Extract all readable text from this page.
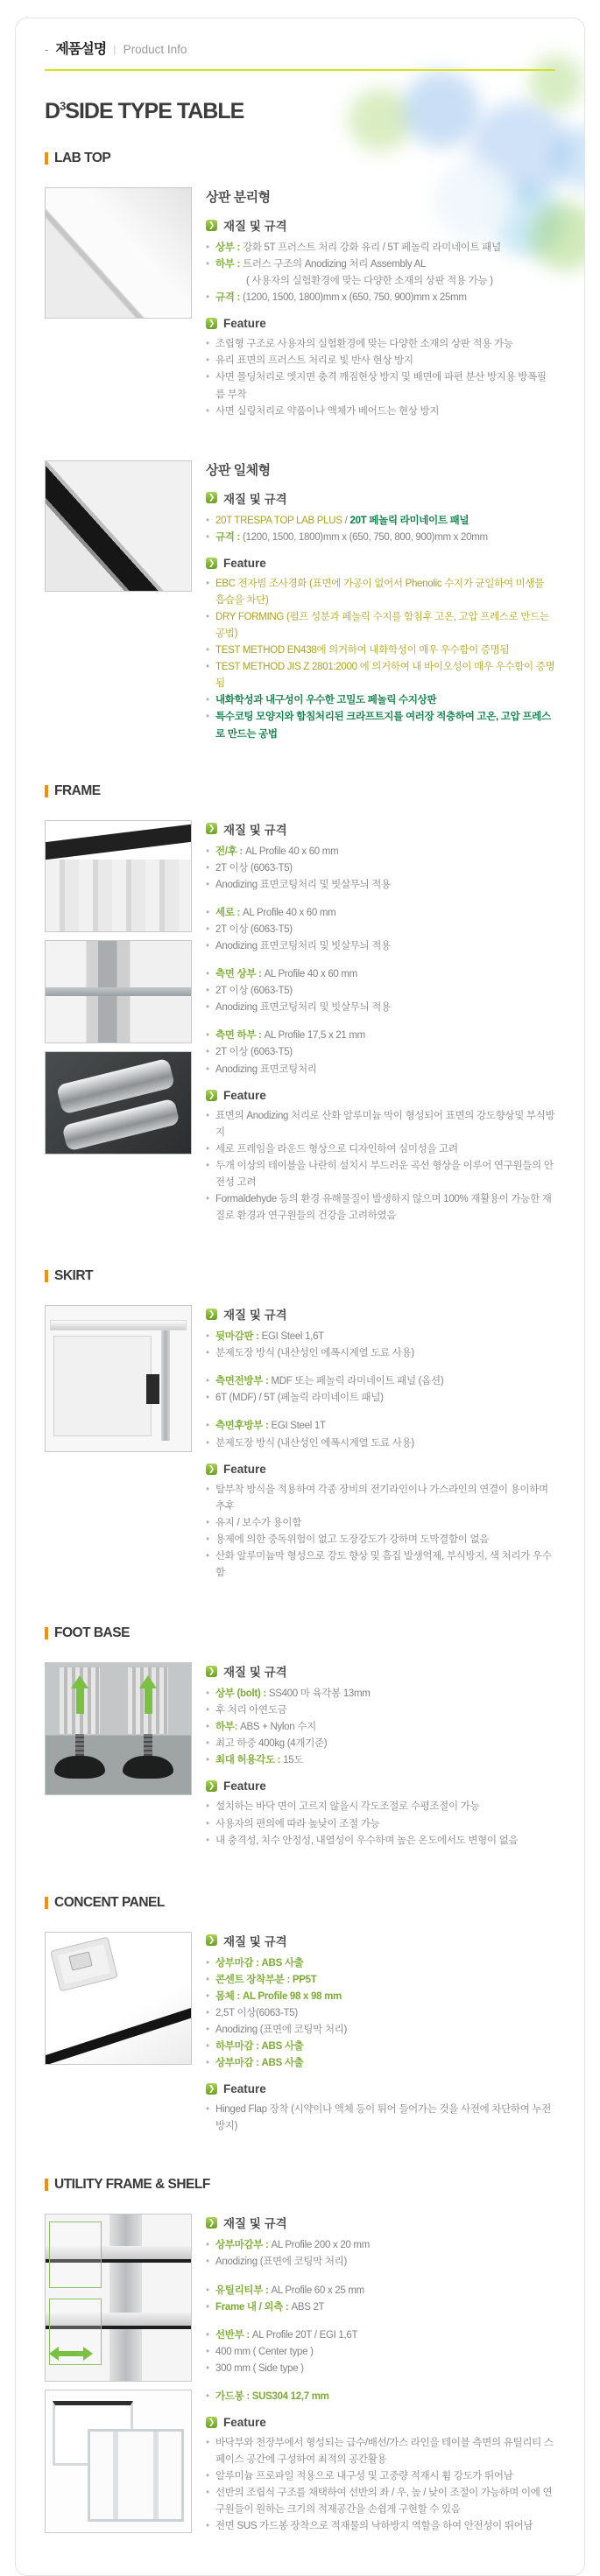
- 제품설명 | Product Info
$D^3SIDE$ TYPE TABLE
LAB TOP
상판 분리형
❯ 재질 및 규격
• 상부 : 강화 5T 프러스트 처리 강화 유리 / 5T 페놀릭 라미네이트 패널
• 하부 : 트러스 구조의 Anodizing 처리 Assembly AL
( 사용자의 실험환경에 맞는 다양한 소재의 상판 적용 가능 )
• 규격 : (1200, 1500, 1800)mm x (650, 750, 900)mm x 25mm
❯ Feature
• 조립형 구조로 사용자의 실험환경에 맞는 다양한 소재의 상판 적용 가능
• 유리 표면의 프러스트 처리로 빛 반사 현상 방지
• 사면 몰딩처리로 엣지면 충격 깨짐현상 방지 및 배면에 파편 분산 방지용 방폭필름 부착
• 사면 실링처리로 약품이나 액체가 베어드는 현상 방지
상판 일체형
❯ 재질 및 규격
• 20T TRESPA TOP LAB PLUS / 20T 페놀릭 라미네이트 패널
• 규격 : (1200, 1500, 1800)mm x (650, 750, 800, 900)mm x 20mm
❯ Feature
• EBC 전자빔 조사경화 (표면에 가공이 없어서 Phenolic 수지가 균일하여 미생물 흡습을 차단)
• DRY FORMING (펄프 성분과 페놀릭 수지를 함침후 고온, 고압 프레스로 만드는 공법)
• TEST METHOD EN438에 의거하여 내화학성이 매우 우수함이 증명됨
• TEST METHOD JIS Z 2801:2000 에 의거하여 내 바이오성이 매우 우수함이 증명됨
• 내화학성과 내구성이 우수한 고밀도 페놀릭 수지상판
• 특수코팅 모양지와 함침처리된 크라프트지를 여러장 적층하여 고온, 고압 프레스로 만드는 공법
FRAME
❯ 재질 및 규격
• 전/후 : AL Profile 40 x 60 mm
• 2T 이상 (6063-T5)
• Anodizing 표면코팅처리 및 빗살무늬 적용
• 세로 : AL Profile 40 x 60 mm
• 2T 이상 (6063-T5)
• Anodizing 표면코팅처리 및 빗살무늬 적용
• 측면 상부 : AL Profile 40 x 60 mm
• 2T 이상 (6063-T5)
• Anodizing 표면코팅처리 및 빗살무늬 적용
• 측면 하부 : AL Profile 17,5 x 21 mm
• 2T 이상 (6063-T5)
• Anodizing 표면코팅처리
❯ Feature
• 표면의 Anodizing 처리로 산화 알루미늄 막이 형성되어 표면의 강도향상및 부식방지
• 세로 프레임을 라운드 형상으로 디자인하여 심미성을 고려
• 두개 이상의 테이블을 나란히 설치시 부드러운 곡선 형상을 이루어 연구원들의 안전성 고려
• Formaldehyde 등의 환경 유해물질이 발생하지 않으며 100% 재활용이 가능한 재질로 환경과 연구원들의 건강을 고려하였음
SKIRT
❯ 재질 및 규격
• 뒷마감판 : EGI Steel 1,6T
• 분제도장 방식 (내산성인 에폭시계열 도료 사용)
• 측면전방부 : MDF 또는 페놀릭 라미네이트 패널 (옵션)
• 6T (MDF) / 5T (페놀릭 라미네이트 패널)
• 측면후방부 : EGI Steel 1T
• 분제도장 방식 (내산성인 에폭시계열 도료 사용)
❯ Feature
• 탈부착 방식을 적용하여 각종 장비의 전기라인이나 가스라인의 연결이 용이하며 추후
• 유지 / 보수가 용이함
• 용제에 의한 중독위험이 없고 도장강도가 강하며 도막결함이 없음
• 산화 알루미늄막 형성으로 강도 향상 및 흠집 발생억제, 부식방지, 색 처리가 우수함
FOOT BASE
❯ 재질 및 규격
• 상부 (bolt) : SS400 마 육각봉 13mm
• 후 처리 아연도금
• 하부: ABS + Nylon 수지
• 최고 하중 400kg (4개기준)
• 최대 허용각도 : 15도
❯ Feature
• 설치하는 바닥 면이 고르지 않을시 각도조절로 수평조절이 가능
• 사용자의 편의에 따라 높낮이 조절 가능
• 내 충격성, 치수 안정성, 내열성이 우수하며 높은 온도에서도 변형이 없음
CONCENT PANEL
❯ 재질 및 규격
• 상부마감 : ABS 사출
• 콘센트 장착부분 : PP5T
• 몸체 : AL Profile 98 x 98 mm
• 2,5T 이상(6063-T5)
• Anodizing (표면에 코팅막 처리)
• 하부마감 : ABS 사출
• 상부마감 : ABS 사출
❯ Feature
• Hinged Flap 장착 (시약이나 액체 등이 튀어 들어가는 것을 사전에 차단하여 누전방지)
UTILITY FRAME & SHELF
❯ 재질 및 규격
• 상부마감부 : AL Profile 200 x 20 mm
• Anodizing (표면에 코팅막 처리)
• 유틸리티부 : AL Profile 60 x 25 mm
• Frame 내 / 외측 : ABS 2T
• 선반부 : AL Profile 20T / EGI 1,6T
• 400 mm ( Center type )
• 300 mm ( Side type )
• 가드봉 : SUS304 12,7 mm
❯ Feature
• 바닥부와 천장부에서 형성되는 급수/배선/가스 라인을 테이블 측면의 유틸리티 스페이스 공간에 구성하여 최적의 공간활용
• 알루미늄 프로파일 적용으로 내구성 및 고중량 적재시 휨 강도가 뛰어남
• 선반의 조립식 구조를 채택하여 선반의 좌 / 우, 높 / 낮이 조절이 가능하며 이에 연구원들이 원하는 크기의 적재공간을 손쉽게 구현할 수 있음
• 전면 SUS 가드봉 장착으로 적재물의 낙하방지 역할을 하여 안전성이 뛰어남
